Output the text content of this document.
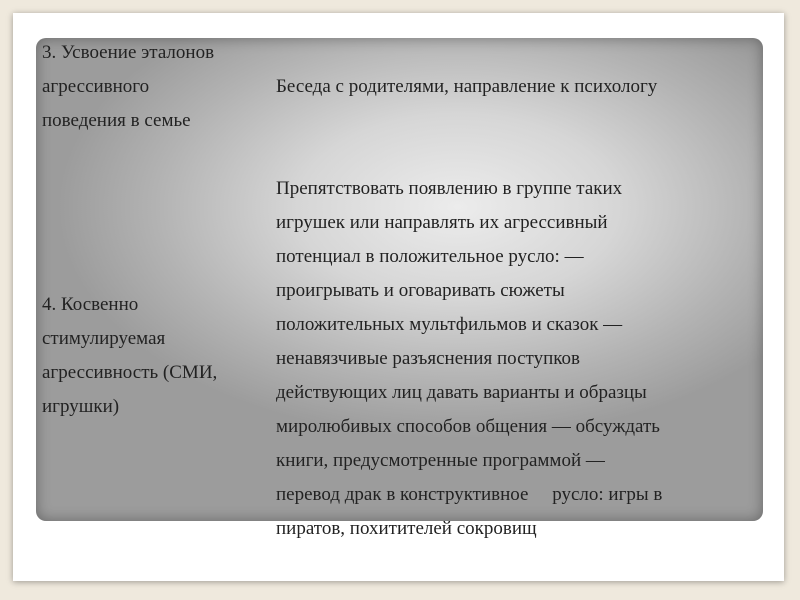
3. Усвоение эталонов
агрессивного
поведения в семье
Беседа с родителями, направление к психологу
Препятствовать появлению в группе таких
игрушек или направлять их агрессивный
потенциал в положительное русло: —
проигрывать и оговаривать сюжеты
положительных мультфильмов и сказок —
ненавязчивые разъяснения поступков
действующих лиц давать варианты и образцы
миролюбивых способов общения — обсуждать
книги, предусмотренные программой —
перевод драк в конструктивное     русло: игры в
пиратов, похитителей сокровищ
4. Косвенно
стимулируемая
агрессивность (СМИ,
игрушки)
